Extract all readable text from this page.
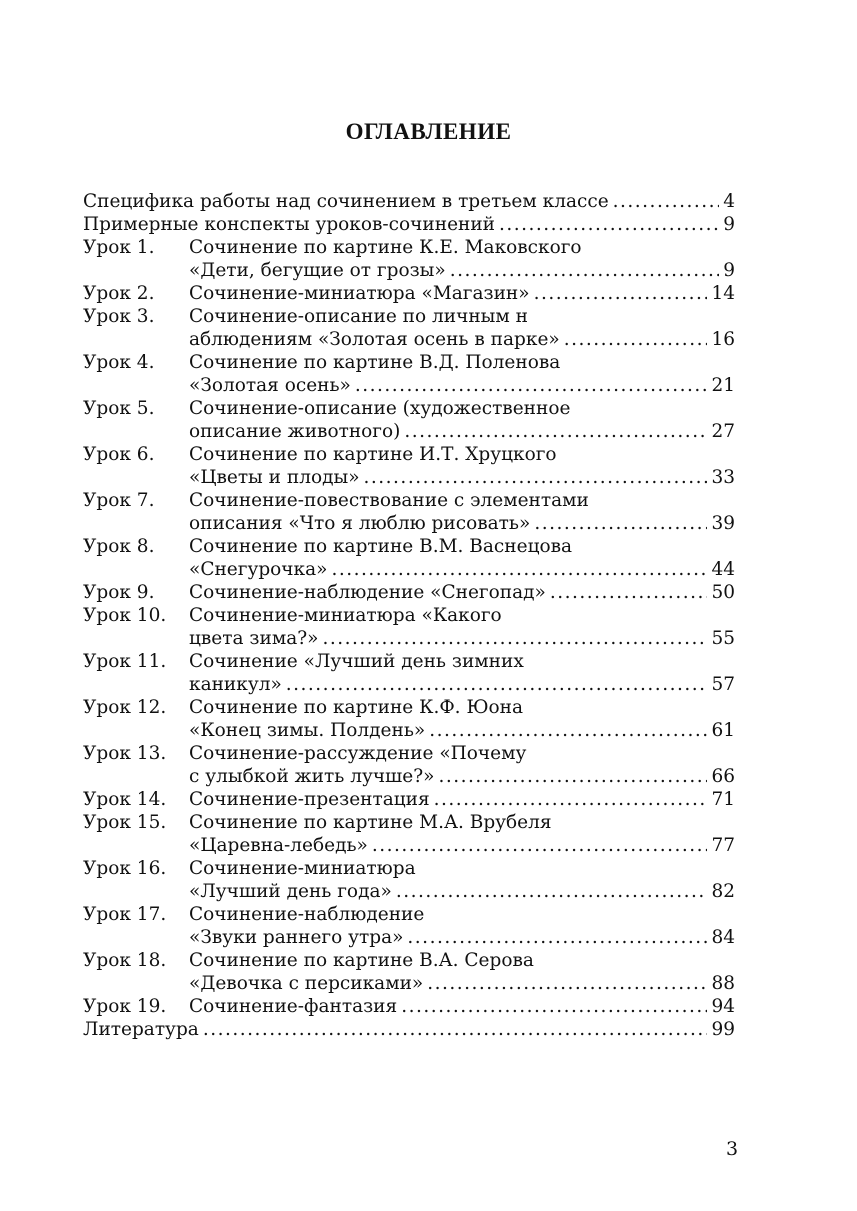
ОГЛАВЛЕНИЕ
Специфика работы над сочинением в третьем классе .....	4
Примерные конспекты уроков-сочинений .....	9
Урок 1.	Сочинение по картине К.Е. Маковского
«Дети, бегущие от грозы» .....	9
Урок 2.	Сочинение-миниатюра «Магазин» .....	14
Урок 3.	Сочинение-описание по личным н
аблюдениям «Золотая осень в парке» .....	16
Урок 4.	Сочинение по картине В.Д. Поленова
«Золотая осень» .....	21
Урок 5.	Сочинение-описание (художественное
описание животного) .....	27
Урок 6.	Сочинение по картине И.Т. Хруцкого
«Цветы и плоды» .....	33
Урок 7.	Сочинение-повествование с элементами
описания «Что я люблю рисовать» .....	39
Урок 8.	Сочинение по картине В.М. Васнецова
«Снегурочка» .....	44
Урок 9.	Сочинение-наблюдение «Снегопад» .....	50
Урок 10.	Сочинение-миниатюра «Какого
цвета зима?» .....	55
Урок 11.	Сочинение «Лучший день зимних
каникул» .....	57
Урок 12.	Сочинение по картине К.Ф. Юона
«Конец зимы. Полдень» .....	61
Урок 13.	Сочинение-рассуждение «Почему
с улыбкой жить лучше?» .....	66
Урок 14.	Сочинение-презентация .....	71
Урок 15.	Сочинение по картине М.А. Врубеля
«Царевна-лебедь» .....	77
Урок 16.	Сочинение-миниатюра
«Лучший день года» .....	82
Урок 17.	Сочинение-наблюдение
«Звуки раннего утра» .....	84
Урок 18.	Сочинение по картине В.А. Серова
«Девочка с персиками» .....	88
Урок 19.	Сочинение-фантазия .....	94
Литература .....	99
3
